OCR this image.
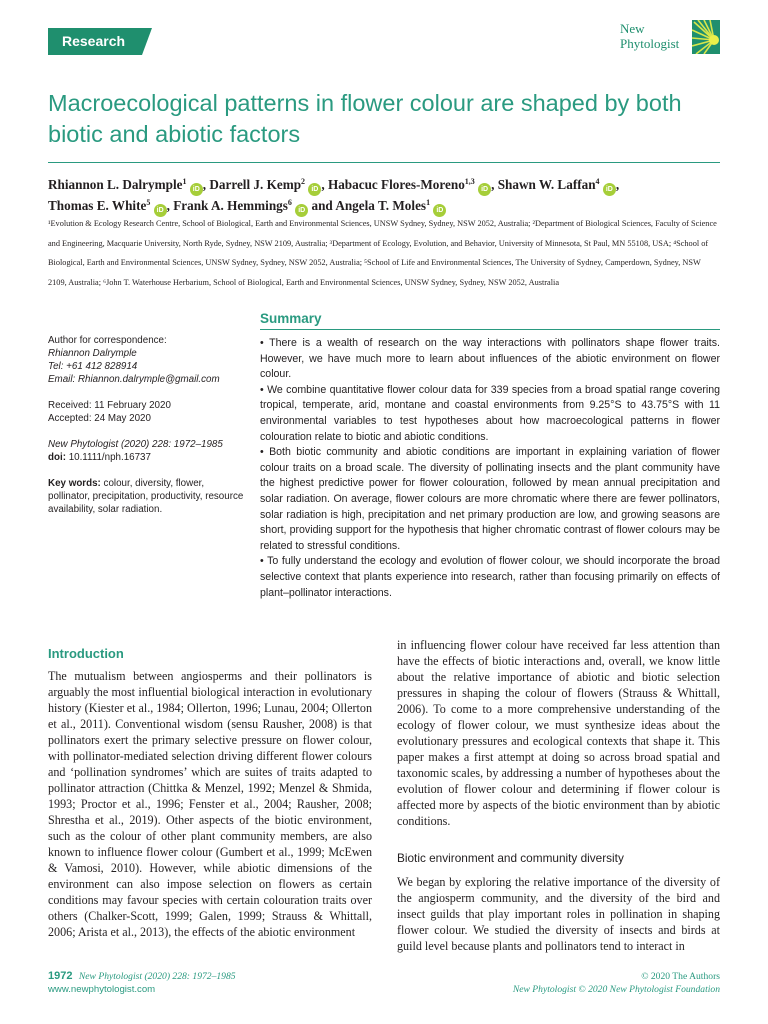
Research
New
Phytologist
Macroecological patterns in flower colour are shaped by both biotic and abiotic factors
Rhiannon L. Dalrymple$^1$ iD , Darrell J. Kemp$^2$ iD , Habacuc Flores-Moreno$^{1,3}$ iD , Shawn W. Laffan$^4$ iD ,
Thomas E. White$^5$ iD , Frank A. Hemmings$^6$ iD and Angela T. Moles$^1$ iD
¹Evolution & Ecology Research Centre, School of Biological, Earth and Environmental Sciences, UNSW Sydney, Sydney, NSW 2052, Australia; ²Department of Biological Sciences, Faculty of Science and Engineering, Macquarie University, North Ryde, Sydney, NSW 2109, Australia; ³Department of Ecology, Evolution, and Behavior, University of Minnesota, St Paul, MN 55108, USA; ⁴School of Biological, Earth and Environmental Sciences, UNSW Sydney, Sydney, NSW 2052, Australia; ⁵School of Life and Environmental Sciences, The University of Sydney, Camperdown, Sydney, NSW 2109, Australia; ⁶John T. Waterhouse Herbarium, School of Biological, Earth and Environmental Sciences, UNSW Sydney, Sydney, NSW 2052, Australia
Author for correspondence:
Rhiannon Dalrymple
Tel: +61 412 828914
Email: Rhiannon.dalrymple@gmail.com
Received: 11 February 2020
Accepted: 24 May 2020
New Phytologist (2020) 228: 1972–1985
doi: 10.1111/nph.16737
Key words: colour, diversity, flower, pollinator, precipitation, productivity, resource availability, solar radiation.
Summary

• There is a wealth of research on the way interactions with pollinators shape flower traits. However, we have much more to learn about influences of the abiotic environment on flower colour.

• We combine quantitative flower colour data for 339 species from a broad spatial range covering tropical, temperate, arid, montane and coastal environments from 9.25°S to 43.75°S with 11 environmental variables to test hypotheses about how macroecological patterns in flower colouration relate to biotic and abiotic conditions.

• Both biotic community and abiotic conditions are important in explaining variation of flower colour traits on a broad scale. The diversity of pollinating insects and the plant community have the highest predictive power for flower colouration, followed by mean annual precipitation and solar radiation. On average, flower colours are more chromatic where there are fewer pollinators, solar radiation is high, precipitation and net primary production are low, and growing seasons are short, providing support for the hypothesis that higher chromatic contrast of flower colours may be related to stressful conditions.

• To fully understand the ecology and evolution of flower colour, we should incorporate the broad selective context that plants experience into research, rather than focusing primarily on effects of plant–pollinator interactions.

Introduction
The mutualism between angiosperms and their pollinators is arguably the most influential biological interaction in evolutionary history (Kiester et al., 1984; Ollerton, 1996; Lunau, 2004; Ollerton et al., 2011). Conventional wisdom (sensu Rausher, 2008) is that pollinators exert the primary selective pressure on flower colour, with pollinator-mediated selection driving different flower colours and ‘pollination syndromes’ which are suites of traits adapted to pollinator attraction (Chittka & Menzel, 1992; Menzel & Shmida, 1993; Proctor et al., 1996; Fenster et al., 2004; Rausher, 2008; Shrestha et al., 2019). Other aspects of the biotic environment, such as the colour of other plant community members, are also known to influence flower colour (Gumbert et al., 1999; McEwen & Vamosi, 2010). However, while abiotic dimensions of the environment can also impose selection on flowers as certain conditions may favour species with certain colouration traits over others (Chalker-Scott, 1999; Galen, 1999; Strauss & Whittall, 2006; Arista et al., 2013), the effects of the abiotic environment
in influencing flower colour have received far less attention than have the effects of biotic interactions and, overall, we know little about the relative importance of abiotic and biotic selection pressures in shaping the colour of flowers (Strauss & Whittall, 2006). To come to a more comprehensive understanding of the ecology of flower colour, we must synthesize ideas about the evolutionary pressures and ecological contexts that shape it. This paper makes a first attempt at doing so across broad spatial and taxonomic scales, by addressing a number of hypotheses about the evolution of flower colour and determining if flower colour is affected more by aspects of the biotic environment than by abiotic conditions.
Biotic environment and community diversity
We began by exploring the relative importance of the diversity of the angiosperm community, and the diversity of the bird and insect guilds that play important roles in pollination in shaping flower colour. We studied the diversity of insects and birds at guild level because plants and pollinators tend to interact in
1972 New Phytologist (2020) 228: 1972–1985
www.newphytologist.com
© 2020 The Authors
New Phytologist © 2020 New Phytologist Foundation
